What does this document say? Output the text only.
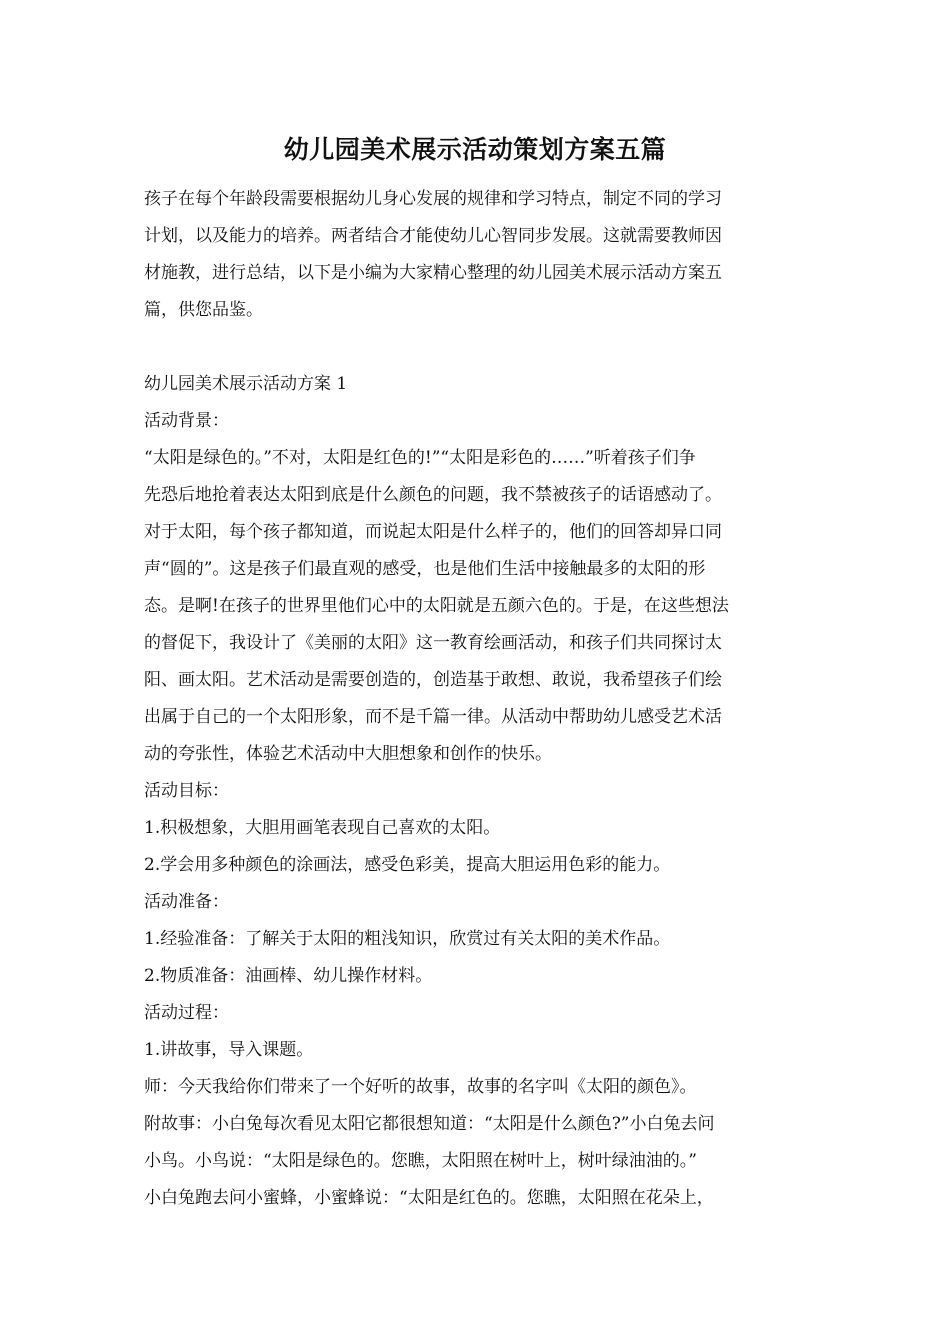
幼儿园美术展示活动策划方案五篇
孩子在每个年龄段需要根据幼儿身心发展的规律和学习特点，制定不同的学习
计划，以及能力的培养。两者结合才能使幼儿心智同步发展。这就需要教师因
材施教，进行总结，以下是小编为大家精心整理的幼儿园美术展示活动方案五
篇，供您品鉴。
幼儿园美术展示活动方案 1
活动背景：
“太阳是绿色的。”不对，太阳是红色的!”“太阳是彩色的……”听着孩子们争
先恐后地抢着表达太阳到底是什么颜色的问题，我不禁被孩子的话语感动了。
对于太阳，每个孩子都知道，而说起太阳是什么样子的，他们的回答却异口同
声“圆的”。这是孩子们最直观的感受，也是他们生活中接触最多的太阳的形
态。是啊!在孩子的世界里他们心中的太阳就是五颜六色的。于是，在这些想法
的督促下，我设计了《美丽的太阳》这一教育绘画活动，和孩子们共同探讨太
阳、画太阳。艺术活动是需要创造的，创造基于敢想、敢说，我希望孩子们绘
出属于自己的一个太阳形象，而不是千篇一律。从活动中帮助幼儿感受艺术活
动的夸张性，体验艺术活动中大胆想象和创作的快乐。
活动目标：
1.积极想象，大胆用画笔表现自己喜欢的太阳。
2.学会用多种颜色的涂画法，感受色彩美，提高大胆运用色彩的能力。
活动准备：
1.经验准备：了解关于太阳的粗浅知识，欣赏过有关太阳的美术作品。
2.物质准备：油画棒、幼儿操作材料。
活动过程：
1.讲故事，导入课题。
师：今天我给你们带来了一个好听的故事，故事的名字叫《太阳的颜色》。
附故事：小白兔每次看见太阳它都很想知道：“太阳是什么颜色?”小白兔去问
小鸟。小鸟说：“太阳是绿色的。您瞧，太阳照在树叶上，树叶绿油油的。”
小白兔跑去问小蜜蜂，小蜜蜂说：“太阳是红色的。您瞧，太阳照在花朵上，
